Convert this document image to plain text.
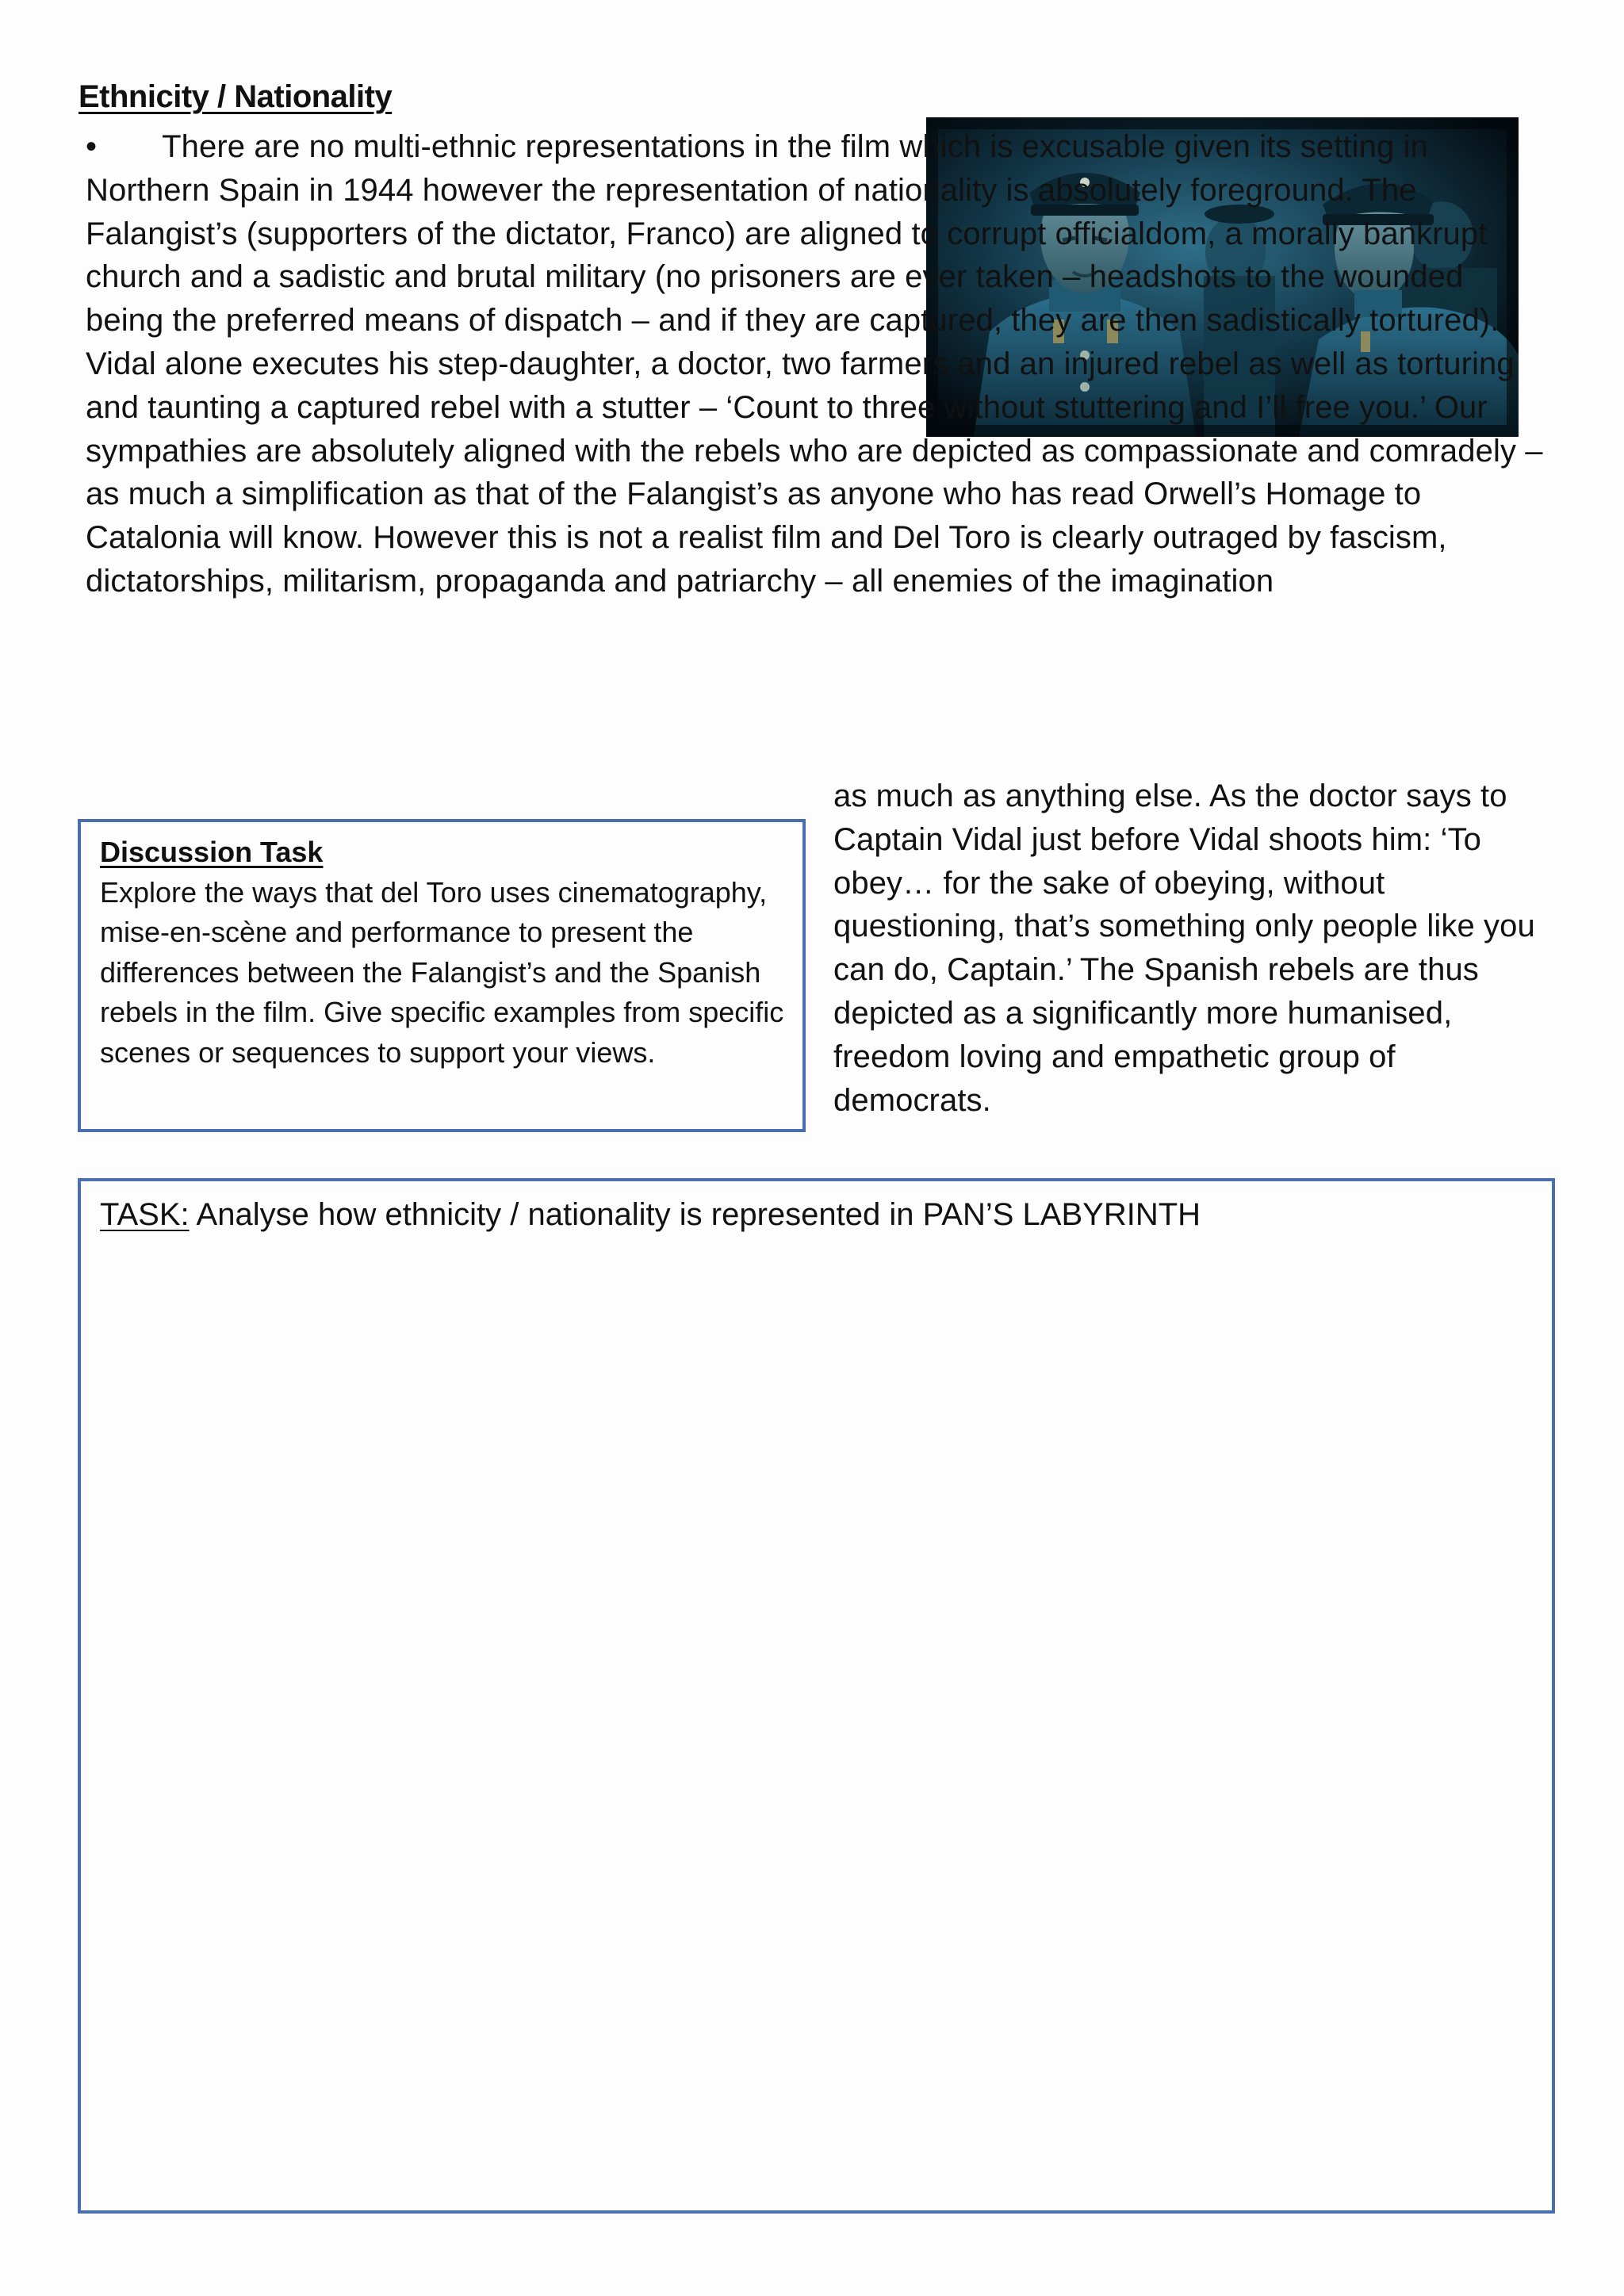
Ethnicity / Nationality

• There are no multi-ethnic representations in the film which is excusable given its setting in Northern Spain in 1944 however the representation of nationality is absolutely foreground. The Falangist’s (supporters of the dictator, Franco) are aligned to corrupt officialdom, a morally bankrupt church and a sadistic and brutal military (no prisoners are ever taken – headshots to the wounded being the preferred means of dispatch – and if they are captured, they are then sadistically tortured). Vidal alone executes his step-daughter, a doctor, two farmers and an injured rebel as well as torturing and taunting a captured rebel with a stutter – ‘Count to three without stuttering and I’ll free you.’ Our sympathies are absolutely aligned with the rebels who are depicted as compassionate and comradely – as much a simplification as that of the Falangist’s as anyone who has read Orwell’s Homage to Catalonia will know. However this is not a realist film and Del Toro is clearly outraged by fascism, dictatorships, militarism, propaganda and patriarchy – all enemies of the imagination

as much as anything else. As the doctor says to Captain Vidal just before Vidal shoots him: ‘To obey… for the sake of obeying, without questioning, that’s something only people like you can do, Captain.’ The Spanish rebels are thus depicted as a significantly more humanised, freedom loving and empathetic group of democrats.

Discussion Task

Explore the ways that del Toro uses cinematography, mise-en-scène and performance to present the differences between the Falangist’s and the Spanish rebels in the film. Give specific examples from specific scenes or sequences to support your views.

TASK: Analyse how ethnicity / nationality is represented in PAN’S LABYRINTH
